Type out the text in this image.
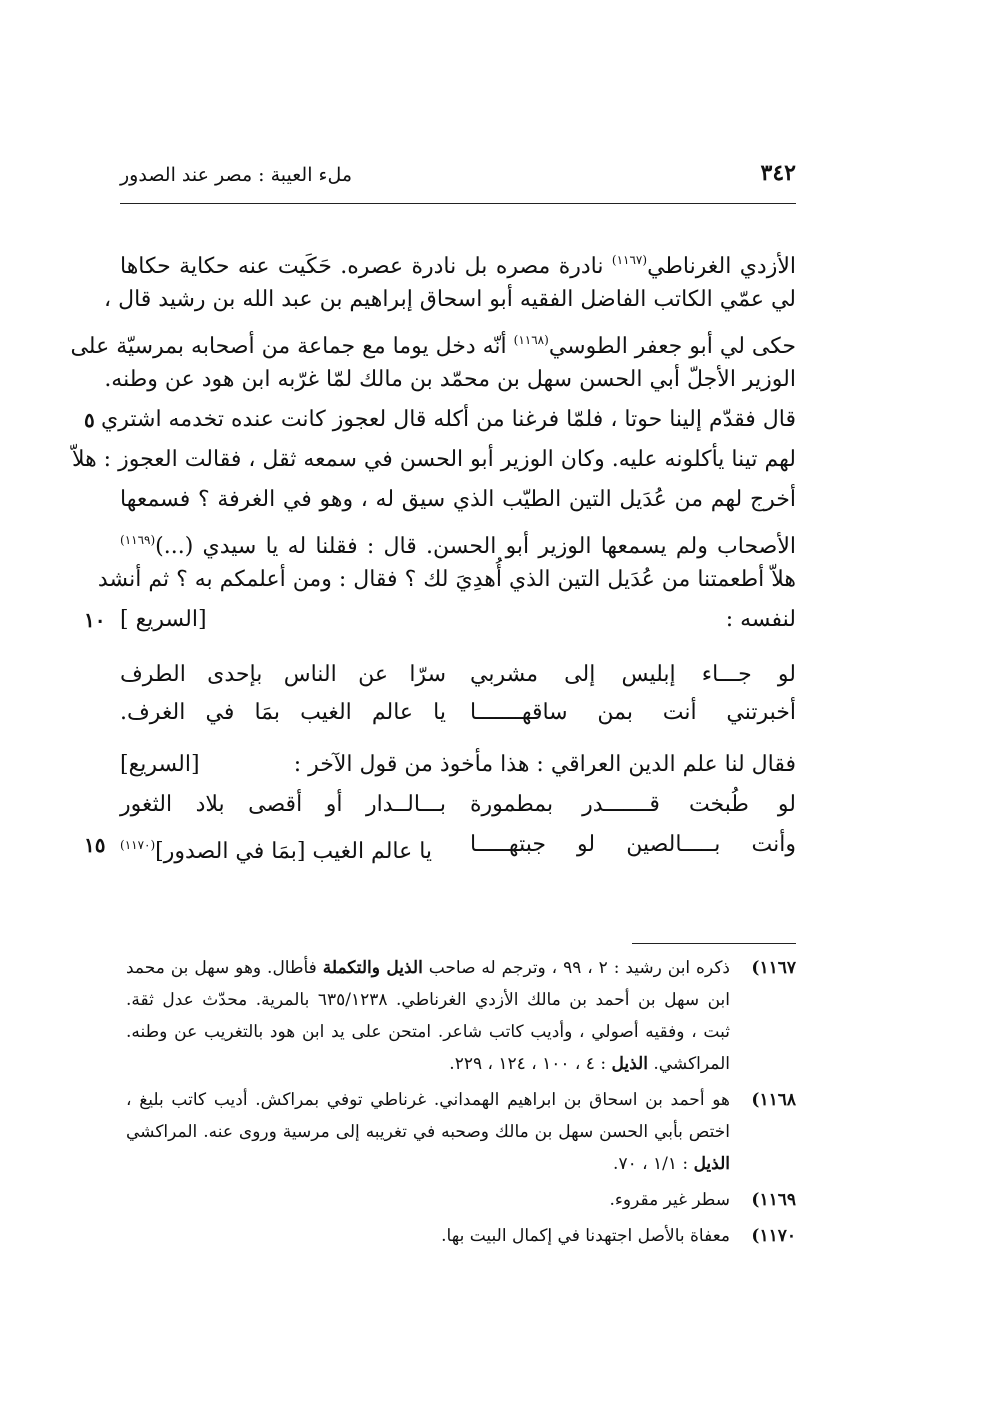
٣٤٢
ملء العيبة : مصر عند الصدور
الأزدي الغرناطي$^{(١١٦٧)}$ نادرة مصره بل نادرة عصره. حَكَيت عنه حكاية حكاها
لي عمّي الكاتب الفاضل الفقيه أبو اسحاق إبراهيم بن عبد الله بن رشيد قال ،
حكى لي أبو جعفر الطوسي$^{(١١٦٨)}$ أنّه دخل يوما مع جماعة من أصحابه بمرسيّة على
الوزير الأجلّ أبي الحسن سهل بن محمّد بن مالك لمّا غرّبه ابن هود عن وطنه.
قال فقدّم إلينا حوتا ، فلمّا فرغنا من أكله قال لعجوز كانت عنده تخدمه اشتري
لهم تينا يأكلونه عليه. وكان الوزير أبو الحسن في سمعه ثقل ، فقالت العجوز : هلاّ
أخرج لهم من عُدَيل التين الطيّب الذي سيق له ، وهو في الغرفة ؟ فسمعها
الأصحاب ولم يسمعها الوزير أبو الحسن. قال : فقلنا له يا سيدي (...)$^{(١١٦٩)}$
هلاّ أطعمتنا من عُدَيل التين الذي أُهدِيَ لك ؟ فقال : ومن أعلمكم به ؟ ثم أنشد
لنفسه :
[السريع ]
٥
١٠
١٥
لو جـــاء إبليس إلى مشربي
سرّا عن الناس بإحدى الطرف
أخبرتني أنت بمن ساقهـــــــا
يا عالم الغيب بمَا في الغرف.
فقال لنا علم الدين العراقي : هذا مأخوذ من قول الآخر :
[السريع]
لو طُبخت قـــــــدر بمطمورة
بـــالــدار أو أقصى بلاد الثغور
وأنت بـــــالصين لو جبتهـــــا
يا عالم الغيب [بمَا في الصدور]$^{(١١٧٠)}$
١١٦٧)
ذكره ابن رشيد : ٢ ، ٩٩ ، وترجم له صاحب الذيل والتكملة فأطال. وهو سهل بن محمد
ابن سهل بن أحمد بن مالك الأزدي الغرناطي. ٦٣٥/١٢٣٨ بالمرية. محدّث عدل ثقة.
ثبت ، وفقيه أصولي ، وأديب كاتب شاعر. امتحن على يد ابن هود بالتغريب عن وطنه.
المراكشي. الذيل : ٤ ، ١٠٠ ، ١٢٤ ، ٢٢٩.
١١٦٨)
هو أحمد بن اسحاق بن ابراهيم الهمداني. غرناطي توفي بمراكش. أديب كاتب بليغ ،
اختص بأبي الحسن سهل بن مالك وصحبه في تغريبه إلى مرسية وروى عنه. المراكشي
الذيل : ١/١ ، ٧٠.
١١٦٩)
سطر غير مقروء.
١١٧٠)
معفاة بالأصل اجتهدنا في إكمال البيت بها.
